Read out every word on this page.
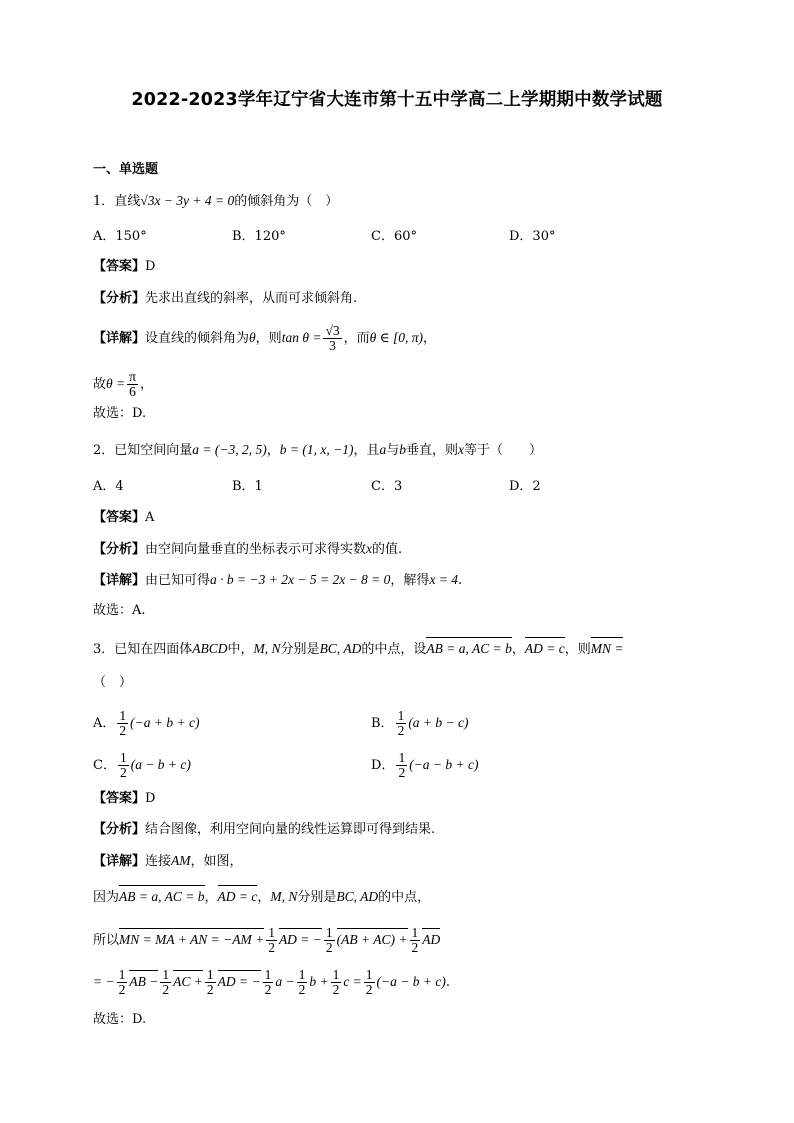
2022-2023学年辽宁省大连市第十五中学高二上学期期中数学试题
一、单选题
1．直线√3x − 3y + 4 = 0的倾斜角为（　）
A．150°	B．120°	C．60°	D．30°
【答案】D
【分析】先求出直线的斜率，从而可求倾斜角.
【详解】设直线的倾斜角为θ，则$\tan \theta = \frac{√3}{3}$ ，而θ ∈ [0, π)，
故$\theta = \frac{\pi}{6}$ ，
故选：D.
2．已知空间向量a = (−3, 2, 5)，b = (1, x, −1)，且a与b垂直，则x等于（　　）
A．4	B．1	C．3	D．2
【答案】A
【分析】由空间向量垂直的坐标表示可求得实数x的值.
【详解】由已知可得a · b = −3 + 2x − 5 = 2x − 8 = 0，解得x = 4.
故选：A.
3．已知在四面体ABCD中，M, N分别是BC, AD的中点，设AB = a, AC = b，AD = c，则MN =
（　）
A． $\frac{1}{2} (-a + b + c)$	B． $\frac{1}{2} (a + b - c)$
C． $\frac{1}{2} (a - b + c)$	D． $\frac{1}{2} (-a - b + c)$
【答案】D
【分析】结合图像，利用空间向量的线性运算即可得到结果.
【详解】连接AM，如图，
因为AB = a, AC = b，AD = c，M, N分别是BC, AD的中点，
所以MN = MA + AN = $-AM + \frac{1}{2}$ AD = − $\frac{1}{2} (AB + AC) + \frac{1}{2}$ AD
= − $\frac{1}{2}$ AB − $\frac{1}{2}$ AC + $\frac{1}{2}$ AD = − $\frac{1}{2}$ $a - \frac{1}{2}$ $b + \frac{1}{2}$ $c = \frac{1}{2} (-a - b + c)$.
故选：D.
